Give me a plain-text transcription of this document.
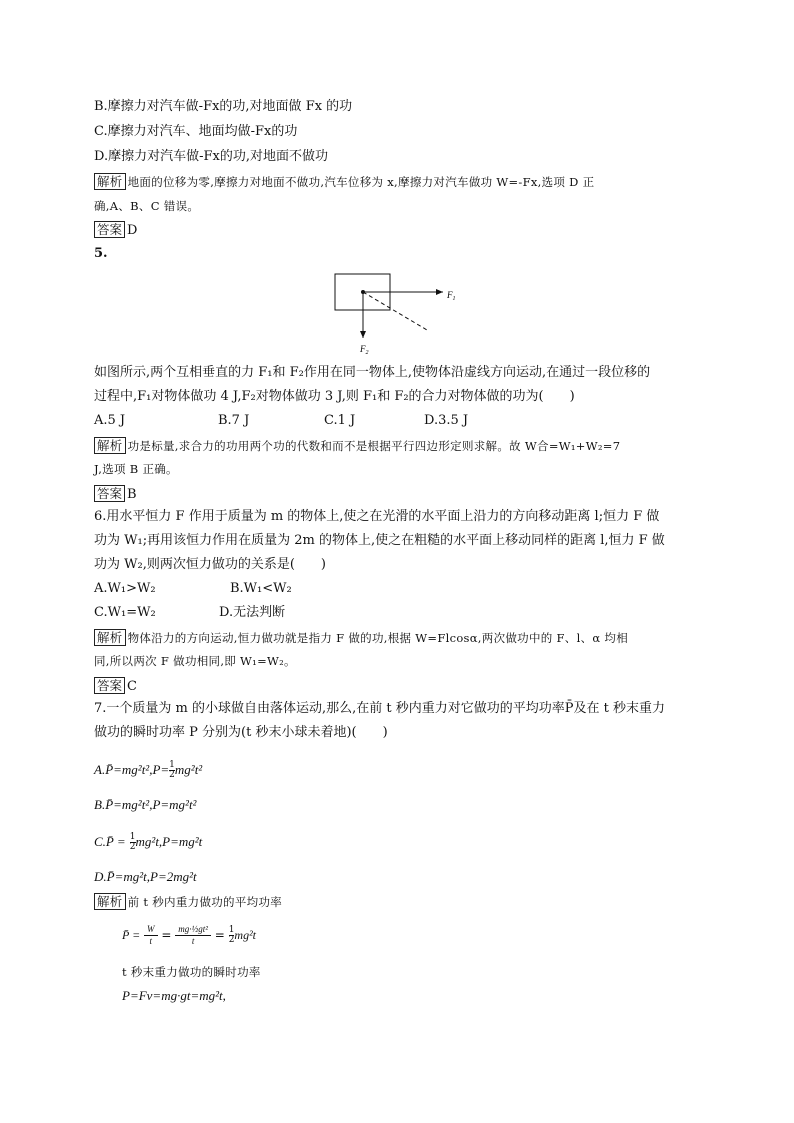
B.摩擦力对汽车做-Fx的功,对地面做 Fx 的功
C.摩擦力对汽车、地面均做-Fx的功
D.摩擦力对汽车做-Fx的功,对地面不做功
解析 地面的位移为零,摩擦力对地面不做功,汽车位移为 x,摩擦力对汽车做功 W=-Fx,选项 D 正
确,A、B、C 错误。
答案 D
5.
$F_1$
$F_2$
如图所示,两个互相垂直的力 F₁和 F₂作用在同一物体上,使物体沿虚线方向运动,在通过一段位移的
过程中,F₁对物体做功 4 J,F₂对物体做功 3 J,则 F₁和 F₂的合力对物体做的功为(　　)
A.5 J	B.7 J	C.1 J	D.3.5 J
解析 功是标量,求合力的功用两个功的代数和而不是根据平行四边形定则求解。故 W合=W₁+W₂=7
J,选项 B 正确。
答案 B
6.用水平恒力 F 作用于质量为 m 的物体上,使之在光滑的水平面上沿力的方向移动距离 l;恒力 F 做
功为 W₁;再用该恒力作用在质量为 2m 的物体上,使之在粗糙的水平面上移动同样的距离 l,恒力 F 做
功为 W₂,则两次恒力做功的关系是(　　)
A.W₁>W₂	B.W₁<W₂
C.W₁=W₂	D.无法判断
解析 物体沿力的方向运动,恒力做功就是指力 F 做的功,根据 W=Flcosα,两次做功中的 F、l、α 均相
同,所以两次 F 做功相同,即 W₁=W₂。
答案 C
7.一个质量为 m 的小球做自由落体运动,那么,在前 t 秒内重力对它做功的平均功率P̄及在 t 秒末重力
做功的瞬时功率 P 分别为(t 秒末小球未着地)(　　)
A.P̄=mg²t²,P= $\frac{1}{2} mg^2t^2$
B.P̄=mg²t²,P=mg²t²
C.P̄ = $\frac{1}{2} mg^2t,P=mg^2t$
D.P̄=mg²t,P=2mg²t
解析 前 t 秒内重力做功的平均功率
P̄ = $\frac{W}{t} = \frac{\text{mg·½gt²}}{t} = \frac{1}{2} mg^2t$
t 秒末重力做功的瞬时功率
P=Fv=mg·gt=mg²t,
